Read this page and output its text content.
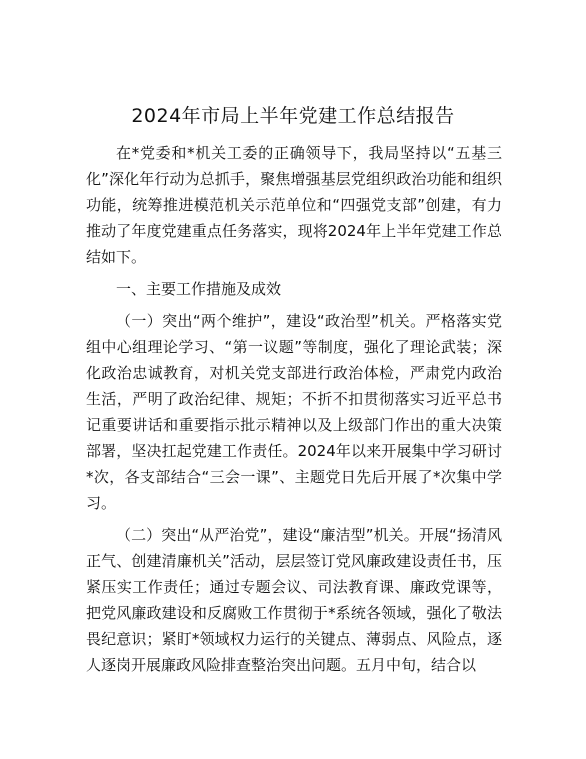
2024年市局上半年党建工作总结报告

在*党委和*机关工委的正确领导下，我局坚持以“五基三化”深化年行动为总抓手，聚焦增强基层党组织政治功能和组织功能，统筹推进模范机关示范单位和“四强党支部”创建，有力推动了年度党建重点任务落实，现将2024年上半年党建工作总结如下。

一、主要工作措施及成效

（一）突出“两个维护”，建设“政治型”机关。严格落实党组中心组理论学习、“第一议题”等制度，强化了理论武装；深化政治忠诚教育，对机关党支部进行政治体检，严肃党内政治生活，严明了政治纪律、规矩；不折不扣贯彻落实习近平总书记重要讲话和重要指示批示精神以及上级部门作出的重大决策部署，坚决扛起党建工作责任。2024年以来开展集中学习研讨*次，各支部结合“三会一课”、主题党日先后开展了*次集中学习。

（二）突出“从严治党”，建设“廉洁型”机关。开展“扬清风正气、创建清廉机关”活动，层层签订党风廉政建设责任书，压紧压实工作责任；通过专题会议、司法教育课、廉政党课等，把党风廉政建设和反腐败工作贯彻于*系统各领域，强化了敬法畏纪意识；紧盯*领域权力运行的关键点、薄弱点、风险点，逐人逐岗开展廉政风险排查整治突出问题。五月中旬，结合以
